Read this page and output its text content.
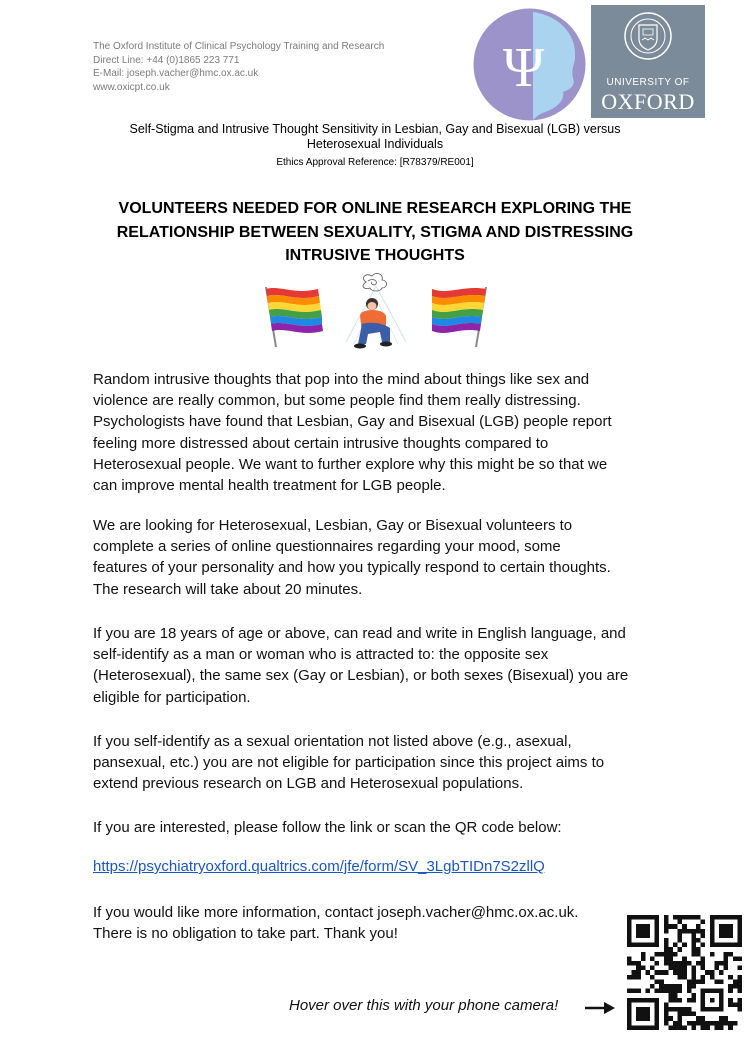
The Oxford Institute of Clinical Psychology Training and Research
Direct Line: +44 (0)1865 223 771
E-Mail: joseph.vacher@hmc.ox.ac.uk
www.oxicpt.co.uk	Ψ	UNIVERSITY OF
OXFORD
Self-Stigma and Intrusive Thought Sensitivity in Lesbian, Gay and Bisexual (LGB) versus
Heterosexual Individuals
Ethics Approval Reference: [R78379/RE001]
VOLUNTEERS NEEDED FOR ONLINE RESEARCH EXPLORING THE
RELATIONSHIP BETWEEN SEXUALITY, STIGMA AND DISTRESSING
INTRUSIVE THOUGHTS
Random intrusive thoughts that pop into the mind about things like sex and
violence are really common, but some people find them really distressing.
Psychologists have found that Lesbian, Gay and Bisexual (LGB) people report
feeling more distressed about certain intrusive thoughts compared to
Heterosexual people. We want to further explore why this might be so that we
can improve mental health treatment for LGB people.
We are looking for Heterosexual, Lesbian, Gay or Bisexual volunteers to
complete a series of online questionnaires regarding your mood, some
features of your personality and how you typically respond to certain thoughts.
The research will take about 20 minutes.
If you are 18 years of age or above, can read and write in English language, and
self-identify as a man or woman who is attracted to: the opposite sex
(Heterosexual), the same sex (Gay or Lesbian), or both sexes (Bisexual) you are
eligible for participation.
If you self-identify as a sexual orientation not listed above (e.g., asexual,
pansexual, etc.) you are not eligible for participation since this project aims to
extend previous research on LGB and Heterosexual populations.
If you are interested, please follow the link or scan the QR code below:
https://psychiatryoxford.qualtrics.com/jfe/form/SV_3LgbTIDn7S2zllQ
If you would like more information, contact joseph.vacher@hmc.ox.ac.uk.
There is no obligation to take part. Thank you!
Hover over this with your phone camera!
